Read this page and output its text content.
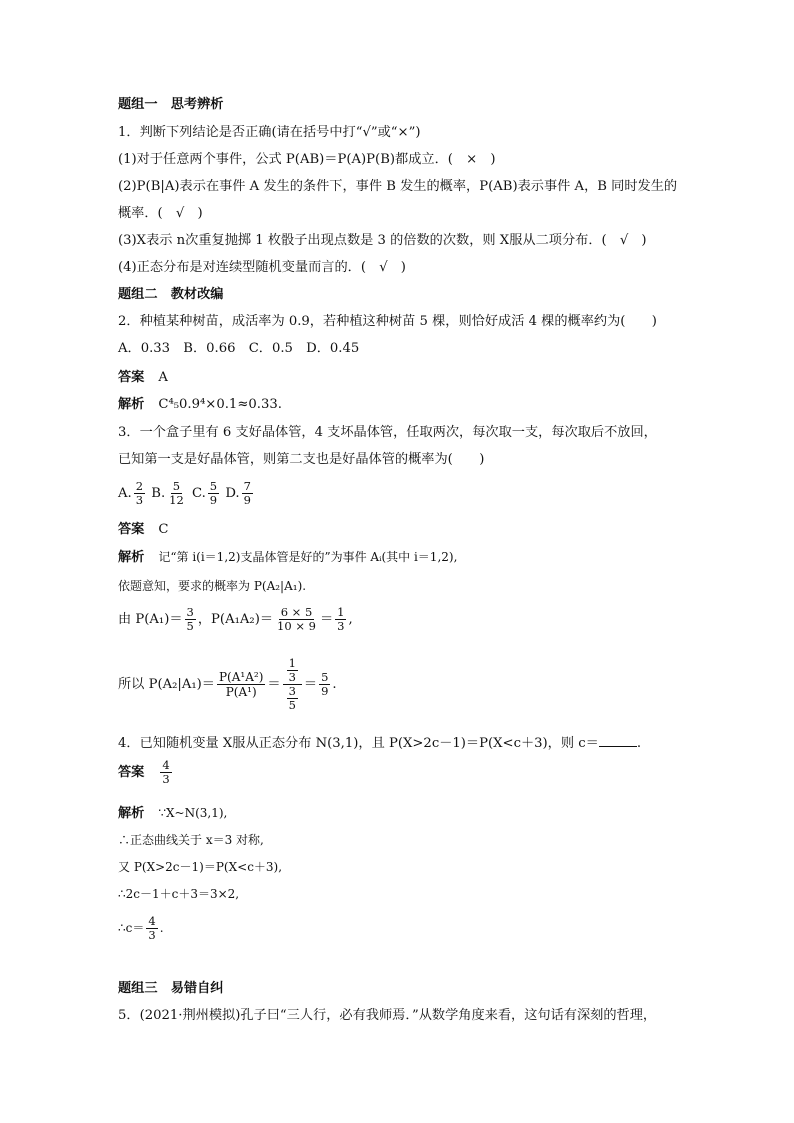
题组一　思考辨析
1．判断下列结论是否正确(请在括号中打“√”或“×”)
(1)对于任意两个事件，公式 P(AB)＝P(A)P(B)都成立．(　×　)
(2)P(B|A)表示在事件 A 发生的条件下，事件 B 发生的概率，P(AB)表示事件 A，B 同时发生的
概率．(　√　)
(3)X表示 n次重复抛掷 1 枚骰子出现点数是 3 的倍数的次数，则 X服从二项分布．(　√　)
(4)正态分布是对连续型随机变量而言的．(　√　)
题组二　教材改编
2．种植某种树苗，成活率为 0.9，若种植这种树苗 5 棵，则恰好成活 4 棵的概率约为(　　)
A．0.33　B．0.66　C．0.5　D．0.45
答案 A
解析 C⁴₅0.9⁴×0.1≈0.33.
3．一个盒子里有 6 支好晶体管，4 支坏晶体管，任取两次，每次取一支，每次取后不放回，
已知第一支是好晶体管，则第二支也是好晶体管的概率为(　　)
A. $\frac{2}{3} B$. $\frac{5}{12} C$. $\frac{5}{9} D$. $\frac{7}{9}$
答案 C
解析 记“第 i(i＝1,2)支晶体管是好的”为事件 Aᵢ(其中 i＝1,2),
依题意知，要求的概率为 P(A₂|A₁).
由 $P(A_1)= \frac{3}{5}$ ，$P(A_1A_2)= \frac{6 \times 5}{10 \times 9} = \frac{1}{3}$ ,
所以 $P(A_2|A_1)= \frac{\text{P(A¹A²)}}{\text{P(A¹)}} = \frac{\frac{1}{3}}{\frac{3}{5}} = \frac{5}{9}$ .
4．已知随机变量 X服从正态分布 N(3,1)，且 P(X>2c－1)＝P(X<c＋3)，则 c＝	.
答案 $\frac{4}{3}$
解析 ∵X~N(3,1),
∴正态曲线关于 x＝3 对称,
又 P(X>2c－1)＝P(X<c＋3),
∴2c－1＋c＋3＝3×2,
∴c＝ $\frac{4}{3}$ .
题组三　易错自纠
5．(2021·荆州模拟)孔子曰“三人行，必有我师焉．”从数学角度来看，这句话有深刻的哲理，
